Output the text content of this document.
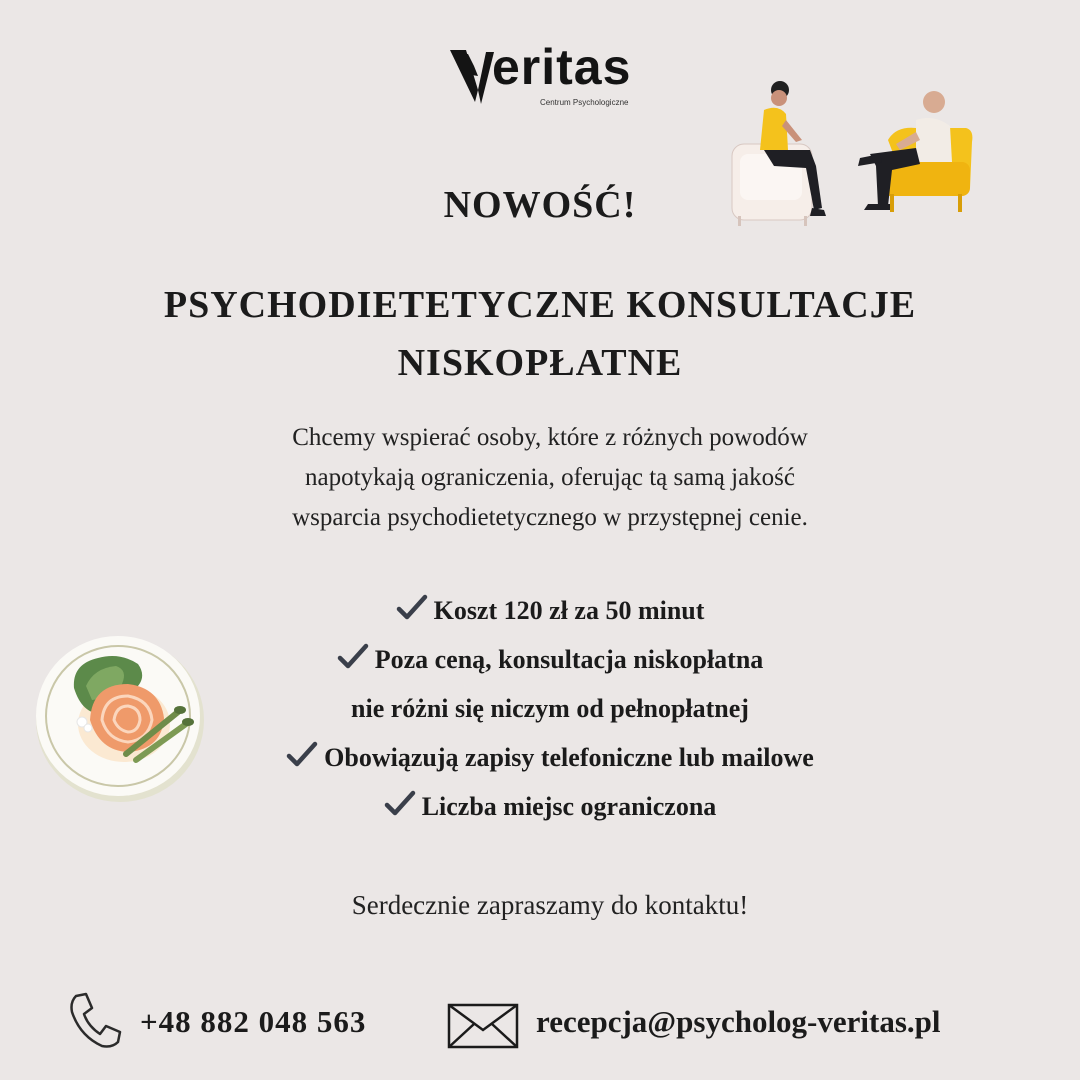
eritas
Centrum Psychologiczne
NOWOŚĆ!
PSYCHODIETETYCZNE KONSULTACJE
NISKOPŁATNE
Chcemy wspierać osoby, które z różnych powodów
napotykają ograniczenia, oferując tą samą jakość
wsparcia psychodietetycznego w przystępnej cenie.
Koszt 120 zł za 50 minut
Poza ceną, konsultacja niskopłatna
nie różni się niczym od pełnopłatnej
Obowiązują zapisy telefoniczne lub mailowe
Liczba miejsc ograniczona
Serdecznie zapraszamy do kontaktu!
+48 882 048 563	recepcja@psycholog-veritas.pl
